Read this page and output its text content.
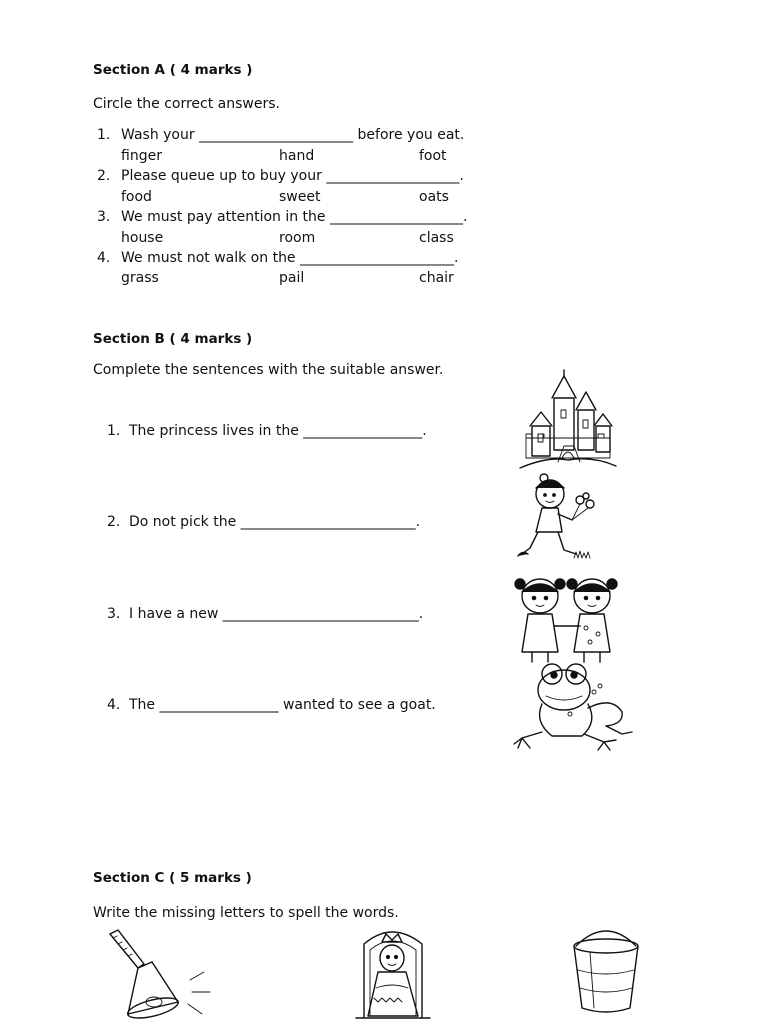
Section A ( 4 marks )
Circle the correct answers.
1. Wash your ______________________ before you eat.
finger	hand	foot
2. Please queue up to buy your ___________________.
food	sweet	oats
3. We must pay attention in the ___________________.
house	room	class
4. We must not walk on the ______________________.
grass	pail	chair
Section B ( 4 marks )
Complete the sentences with the suitable answer.
1. The princess lives in the _________________.
2. Do not pick the _________________________.
3. I have a new ____________________________.
4. The _________________ wanted to see a goat.
Section C ( 5 marks )
Write the missing letters to spell the words.
